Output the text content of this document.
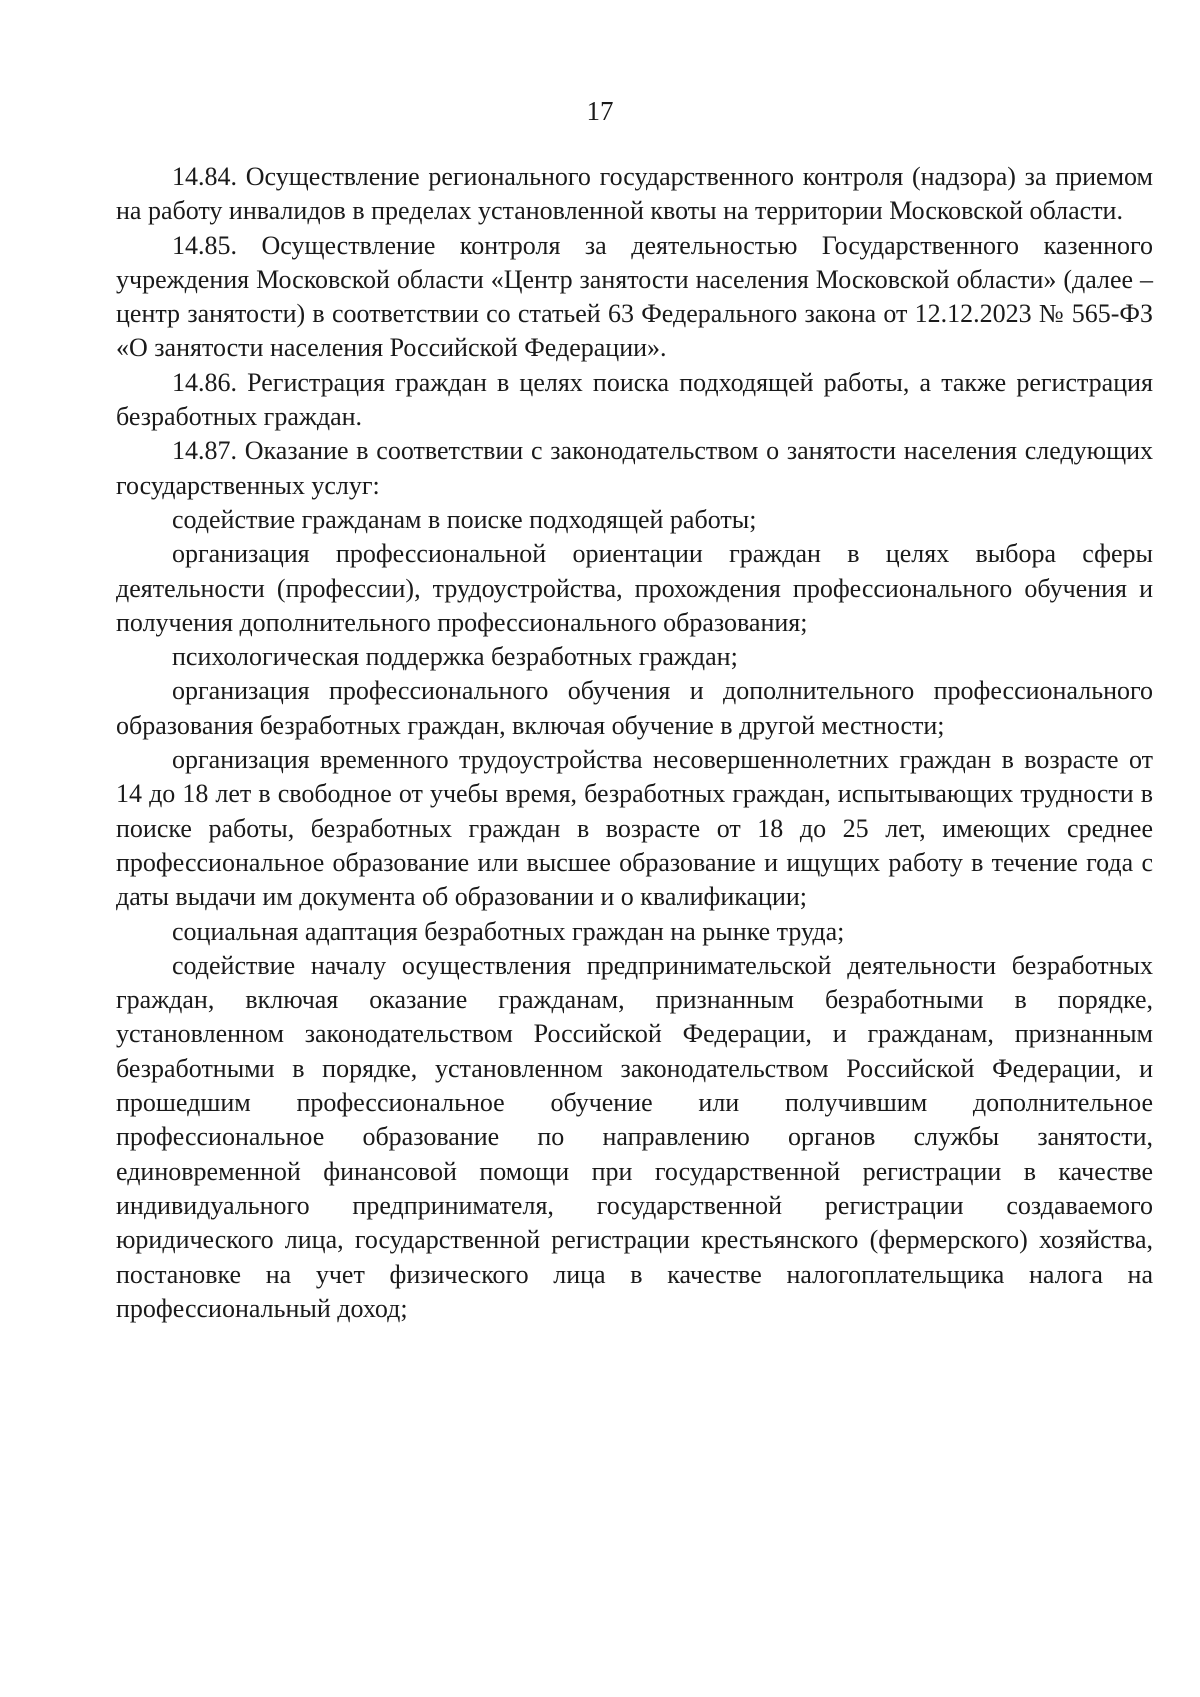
17

14.84. Осуществление регионального государственного контроля (надзора) за приемом на работу инвалидов в пределах установленной квоты на территории Московской области.

14.85. Осуществление контроля за деятельностью Государственного казенного учреждения Московской области «Центр занятости населения Московской области» (далее – центр занятости) в соответствии со статьей 63 Федерального закона от 12.12.2023 № 565-ФЗ «О занятости населения Российской Федерации».

14.86. Регистрация граждан в целях поиска подходящей работы, а также регистрация безработных граждан.

14.87. Оказание в соответствии с законодательством о занятости населения следующих государственных услуг:

содействие гражданам в поиске подходящей работы;

организация профессиональной ориентации граждан в целях выбора сферы деятельности (профессии), трудоустройства, прохождения профессионального обучения и получения дополнительного профессионального образования;

психологическая поддержка безработных граждан;

организация профессионального обучения и дополнительного профессионального образования безработных граждан, включая обучение в другой местности;

организация временного трудоустройства несовершеннолетних граждан в возрасте от 14 до 18 лет в свободное от учебы время, безработных граждан, испытывающих трудности в поиске работы, безработных граждан в возрасте от 18 до 25 лет, имеющих среднее профессиональное образование или высшее образование и ищущих работу в течение года с даты выдачи им документа об образовании и о квалификации;

социальная адаптация безработных граждан на рынке труда;

содействие началу осуществления предпринимательской деятельности безработных граждан, включая оказание гражданам, признанным безработными в порядке, установленном законодательством Российской Федерации, и гражданам, признанным безработными в порядке, установленном законодательством Российской Федерации, и прошедшим профессиональное обучение или получившим дополнительное профессиональное образование по направлению органов службы занятости, единовременной финансовой помощи при государственной регистрации в качестве индивидуального предпринимателя, государственной регистрации создаваемого юридического лица, государственной регистрации крестьянского (фермерского) хозяйства, постановке на учет физического лица в качестве налогоплательщика налога на профессиональный доход;
